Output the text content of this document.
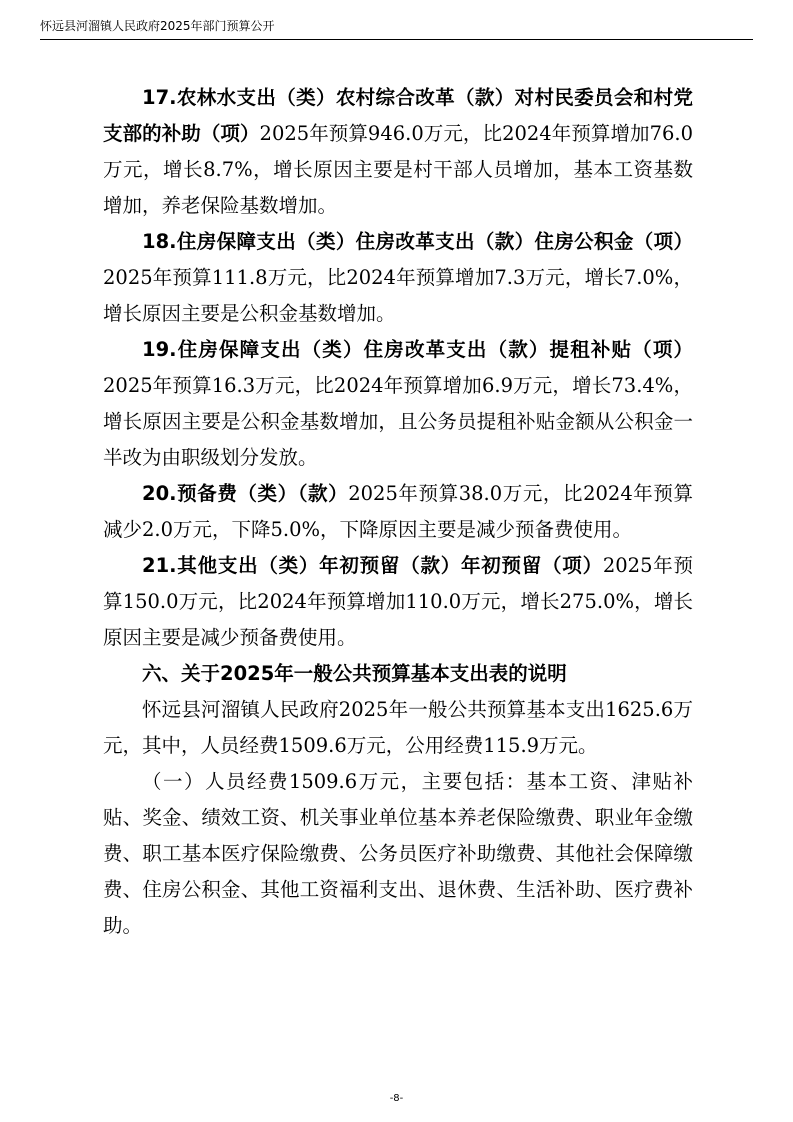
怀远县河溜镇人民政府2025年部门预算公开

17.农林水支出（类）农村综合改革（款）对村民委员会和村党支部的补助（项）2025年预算946.0万元，比2024年预算增加76.0万元，增长8.7%，增长原因主要是村干部人员增加，基本工资基数增加，养老保险基数增加。

18.住房保障支出（类）住房改革支出（款）住房公积金（项）2025年预算111.8万元，比2024年预算增加7.3万元，增长7.0%，增长原因主要是公积金基数增加。

19.住房保障支出（类）住房改革支出（款）提租补贴（项）2025年预算16.3万元，比2024年预算增加6.9万元，增长73.4%，增长原因主要是公积金基数增加，且公务员提租补贴金额从公积金一半改为由职级划分发放。

20.预备费（类）（款）2025年预算38.0万元，比2024年预算减少2.0万元，下降5.0%，下降原因主要是减少预备费使用。

21.其他支出（类）年初预留（款）年初预留（项）2025年预算150.0万元，比2024年预算增加110.0万元，增长275.0%，增长原因主要是减少预备费使用。

六、关于2025年一般公共预算基本支出表的说明

怀远县河溜镇人民政府2025年一般公共预算基本支出1625.6万元，其中，人员经费1509.6万元，公用经费115.9万元。

（一）人员经费1509.6万元，主要包括：基本工资、津贴补贴、奖金、绩效工资、机关事业单位基本养老保险缴费、职业年金缴费、职工基本医疗保险缴费、公务员医疗补助缴费、其他社会保障缴费、住房公积金、其他工资福利支出、退休费、生活补助、医疗费补助。

-8-
